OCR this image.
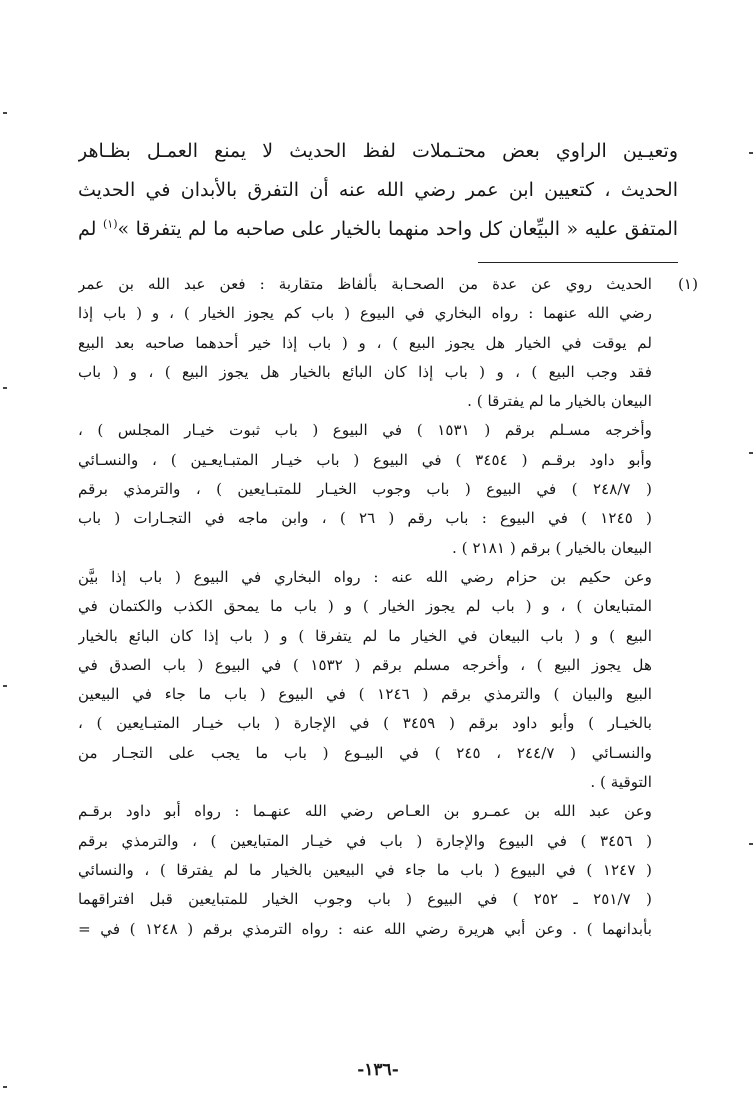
وتعيـين الراوي بعض محتـملات لفظ الحديث لا يمنع العمـل بظـاهر
الحديث ، كتعيين ابن عمر رضي الله عنه أن التفرق بالأبدان في الحديث
المتفق عليه « البيِّعان كل واحد منهما بالخيار على صاحبه ما لم يتفرقا »$^{(١)}$ لم
(١)الحديث روي عن عدة من الصحـابة بألفاظ متقاربة : فعن عبد الله بن عمر
رضي الله عنهما : رواه البخاري في البيوع ( باب كم يجوز الخيار ) ، و ( باب إذا
لم يوقت في الخيار هل يجوز البيع ) ، و ( باب إذا خير أحدهما صاحبه بعد البيع
فقد وجب البيع ) ، و ( باب إذا كان البائع بالخيار هل يجوز البيع ) ، و ( باب
البيعان بالخيار ما لم يفترقا ) .
وأخرجه مسـلم برقم ( ١٥٣١ ) في البيوع ( باب ثبوت خيـار المجلس ) ،
وأبو داود برقـم ( ٣٤٥٤ ) في البيوع ( باب خيـار المتبـايعـين ) ، والنسـائي
( ٢٤٨/٧ ) في البيوع ( باب وجوب الخيـار للمتبـايعين ) ، والترمذي برقم
( ١٢٤٥ ) في البيوع : باب رقم ( ٢٦ ) ، وابن ماجه في التجـارات ( باب
البيعان بالخيار ) برقم ( ٢١٨١ ) .
وعن حكيم بن حزام رضي الله عنه : رواه البخاري في البيوع ( باب إذا بيَّن
المتبايعان ) ، و ( باب لم يجوز الخيار ) و ( باب ما يمحق الكذب والكتمان في
البيع ) و ( باب البيعان في الخيار ما لم يتفرقا ) و ( باب إذا كان البائع بالخيار
هل يجوز البيع ) ، وأخرجه مسلم برقم ( ١٥٣٢ ) في البيوع ( باب الصدق في
البيع والبيان ) والترمذي برقم ( ١٢٤٦ ) في البيوع ( باب ما جاء في البيعين
بالخيـار ) وأبو داود برقم ( ٣٤٥٩ ) في الإجارة ( باب خيـار المتبـايعين ) ،
والنسـائي ( ٢٤٤/٧ ، ٢٤٥ ) في البيـوع ( باب ما يجب على التجـار من
التوقية ) .
وعن عبد الله بن عمـرو بن العـاص رضي الله عنهـما : رواه أبو داود برقـم
( ٣٤٥٦ ) في البيوع والإجارة ( باب في خيـار المتبايعين ) ، والترمذي برقم
( ١٢٤٧ ) في البيوع ( باب ما جاء في البيعين بالخيار ما لم يفترقا ) ، والنسائي
( ٢٥١/٧ ـ ٢٥٢ ) في البيوع ( باب وجوب الخيار للمتبايعين قبل افتراقهما
بأبدانهما ) . وعن أبي هريرة رضي الله عنه : رواه الترمذي برقم ( ١٢٤٨ ) في =
-١٣٦-
